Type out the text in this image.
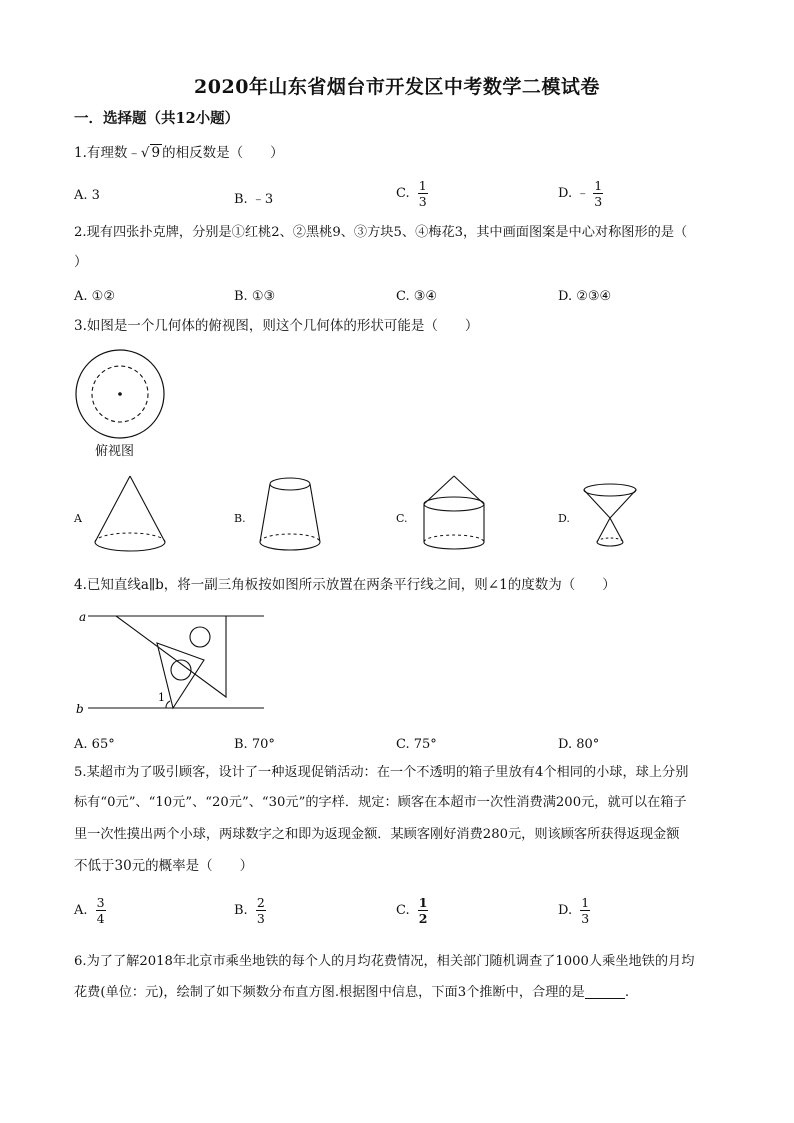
2020年山东省烟台市开发区中考数学二模试卷
一．选择题（共12小题）
1.有理数﹣√ 9 的相反数是（　　）
A. 3	B. ﹣3	C. $\frac{1}{3}$	D. ﹣ $\frac{1}{3}$
2.现有四张扑克牌，分别是①红桃2、②黑桃9、③方块5、④梅花3，其中画面图案是中心对称图形的是（
）
A. ①②	B. ①③	C. ③④	D. ②③④
3.如图是一个几何体的俯视图，则这个几何体的形状可能是（　　）
俯视图
A	B.	C.	D.
4.已知直线a∥b，将一副三角板按如图所示放置在两条平行线之间，则∠1的度数为（　　）
a
b
1
A. 65°	B. 70°	C. 75°	D. 80°
5.某超市为了吸引顾客，设计了一种返现促销活动：在一个不透明的箱子里放有4个相同的小球，球上分别
标有“0元”、“10元”、“20元”、“30元”的字样．规定：顾客在本超市一次性消费满200元，就可以在箱子
里一次性摸出两个小球，两球数字之和即为返现金额．某顾客刚好消费280元，则该顾客所获得返现金额
不低于30元的概率是（　　）
A. $\frac{3}{4}$	B. $\frac{2}{3}$	C. $\frac{1}{2}$	D. $\frac{1}{3}$
6.为了了解2018年北京市乘坐地铁的每个人的月均花费情况，相关部门随机调查了1000人乘坐地铁的月均
花费(单位：元)，绘制了如下频数分布直方图.根据图中信息，下面3个推断中，合理的是	.
